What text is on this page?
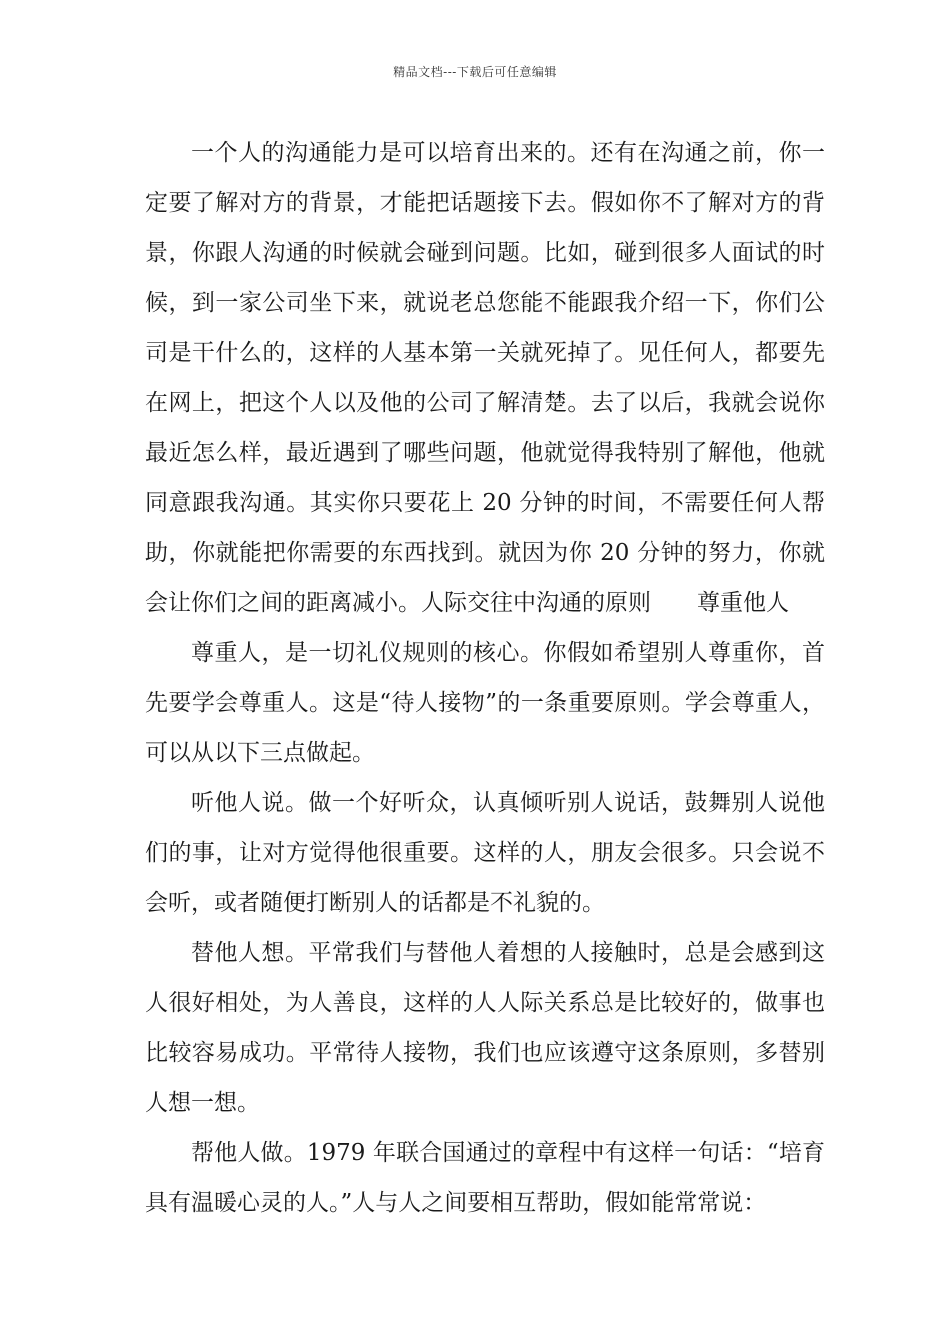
精品文档---下载后可任意编辑

一个人的沟通能力是可以培育出来的。还有在沟通之前，你一定要了解对方的背景，才能把话题接下去。假如你不了解对方的背景，你跟人沟通的时候就会碰到问题。比如，碰到很多人面试的时候，到一家公司坐下来，就说老总您能不能跟我介绍一下，你们公司是干什么的，这样的人基本第一关就死掉了。见任何人，都要先在网上，把这个人以及他的公司了解清楚。去了以后，我就会说你最近怎么样，最近遇到了哪些问题，他就觉得我特别了解他，他就同意跟我沟通。其实你只要花上 20 分钟的时间，不需要任何人帮助，你就能把你需要的东西找到。就因为你 20 分钟的努力，你就会让你们之间的距离减小。人际交往中沟通的原则　　尊重他人

尊重人，是一切礼仪规则的核心。你假如希望别人尊重你，首先要学会尊重人。这是“待人接物”的一条重要原则。学会尊重人，可以从以下三点做起。

听他人说。做一个好听众，认真倾听别人说话，鼓舞别人说他们的事，让对方觉得他很重要。这样的人，朋友会很多。只会说不会听，或者随便打断别人的话都是不礼貌的。

替他人想。平常我们与替他人着想的人接触时，总是会感到这人很好相处，为人善良，这样的人人际关系总是比较好的，做事也比较容易成功。平常待人接物，我们也应该遵守这条原则，多替别人想一想。

帮他人做。1979 年联合国通过的章程中有这样一句话：“培育具有温暖心灵的人。”人与人之间要相互帮助，假如能常常说：
